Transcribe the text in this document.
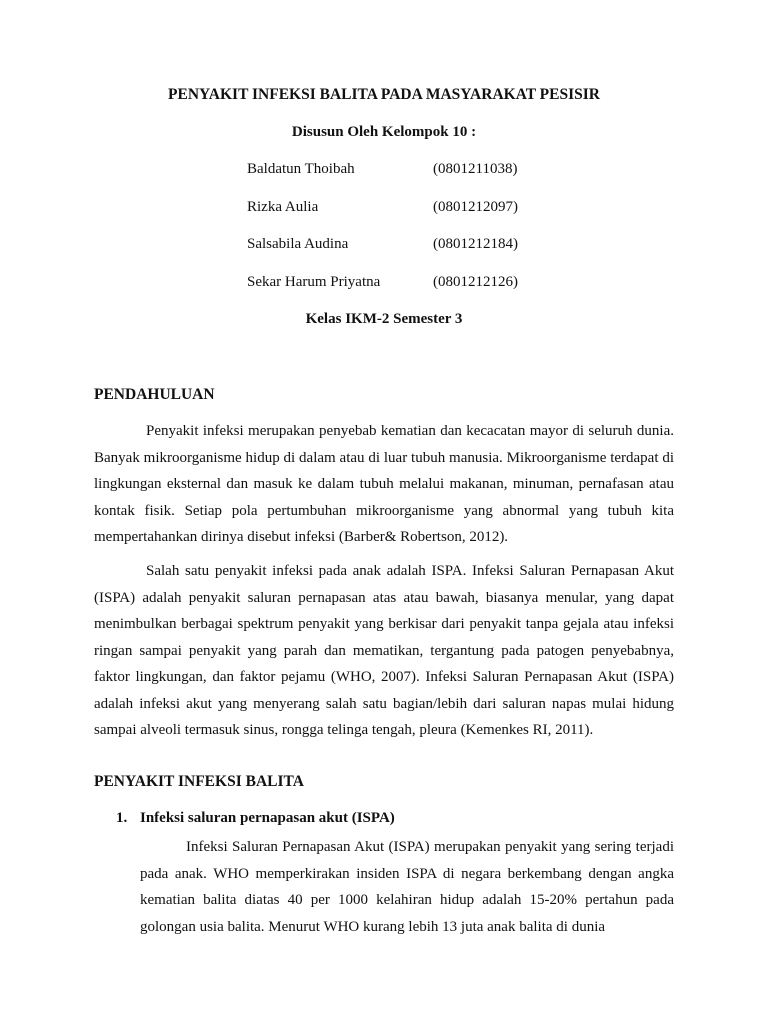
PENYAKIT INFEKSI BALITA PADA MASYARAKAT PESISIR
Disusun Oleh Kelompok 10 :
Baldatun Thoibah	(0801211038)
Rizka Aulia	(0801212097)
Salsabila Audina	(0801212184)
Sekar Harum Priyatna	(0801212126)
Kelas IKM-2 Semester 3
PENDAHULUAN

Penyakit infeksi merupakan penyebab kematian dan kecacatan mayor di seluruh dunia. Banyak mikroorganisme hidup di dalam atau di luar tubuh manusia. Mikroorganisme terdapat di lingkungan eksternal dan masuk ke dalam tubuh melalui makanan, minuman, pernafasan atau kontak fisik. Setiap pola pertumbuhan mikroorganisme yang abnormal yang tubuh kita mempertahankan dirinya disebut infeksi (Barber& Robertson, 2012).

Salah satu penyakit infeksi pada anak adalah ISPA. Infeksi Saluran Pernapasan Akut (ISPA) adalah penyakit saluran pernapasan atas atau bawah, biasanya menular, yang dapat menimbulkan berbagai spektrum penyakit yang berkisar dari penyakit tanpa gejala atau infeksi ringan sampai penyakit yang parah dan mematikan, tergantung pada patogen penyebabnya, faktor lingkungan, dan faktor pejamu (WHO, 2007). Infeksi Saluran Pernapasan Akut (ISPA) adalah infeksi akut yang menyerang salah satu bagian/lebih dari saluran napas mulai hidung sampai alveoli termasuk sinus, rongga telinga tengah, pleura (Kemenkes RI, 2011).

PENYAKIT INFEKSI BALITA
1. Infeksi saluran pernapasan akut (ISPA)

Infeksi Saluran Pernapasan Akut (ISPA) merupakan penyakit yang sering terjadi pada anak. WHO memperkirakan insiden ISPA di negara berkembang dengan angka kematian balita diatas 40 per 1000 kelahiran hidup adalah 15-20% pertahun pada golongan usia balita. Menurut WHO kurang lebih 13 juta anak balita di dunia
